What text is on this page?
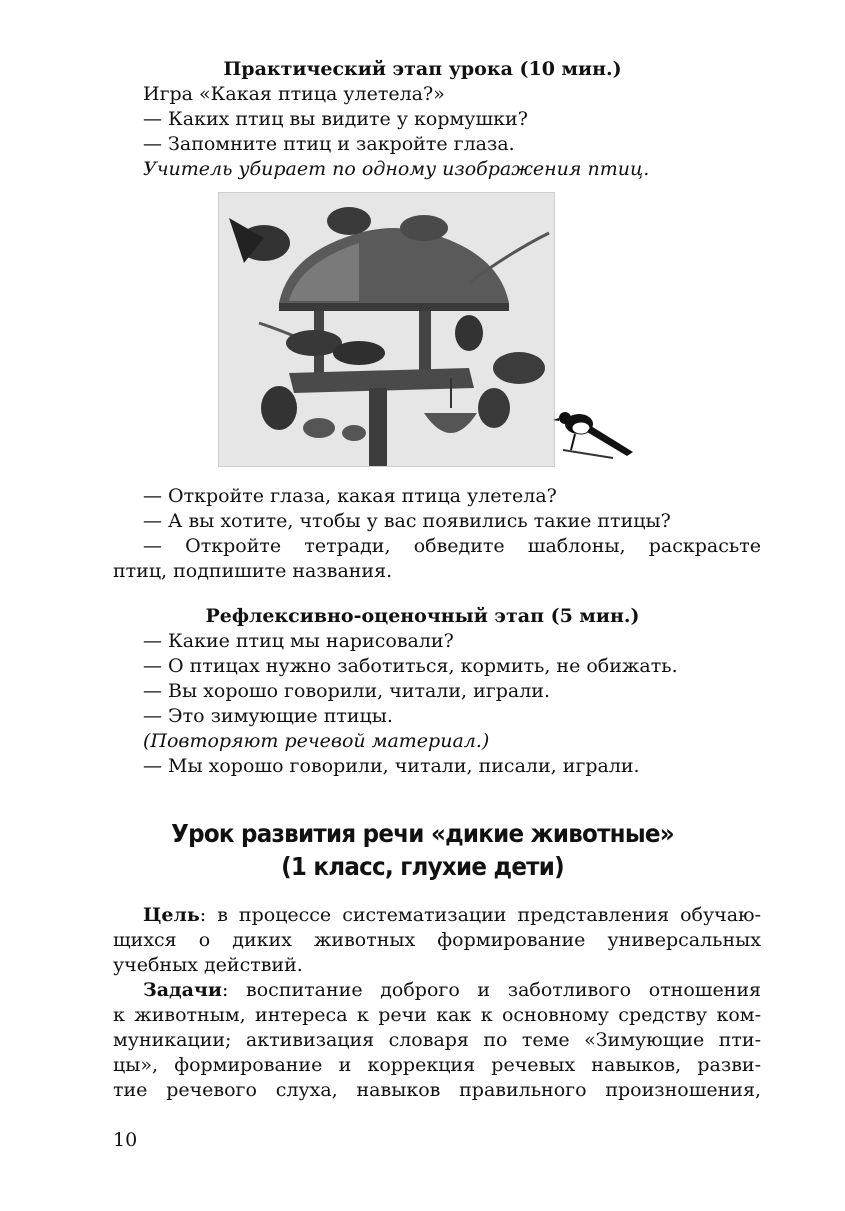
Практический этап урока (10 мин.)

Игра «Какая птица улетела?»

— Каких птиц вы видите у кормушки?

— Запомните птиц и закройте глаза.

Учитель убирает по одному изображения птиц.

— Откройте глаза, какая птица улетела?

— А вы хотите, чтобы у вас появились такие птицы?

— Откройте тетради, обведите шаблоны, раскрасьте

птиц, подпишите названия.

Рефлексивно-оценочный этап (5 мин.)

— Какие птиц мы нарисовали?

— О птицах нужно заботиться, кормить, не обижать.

— Вы хорошо говорили, читали, играли.

— Это зимующие птицы.

(Повторяют речевой материал.)

— Мы хорошо говорили, читали, писали, играли.

Урок развития речи «дикие животные»
(1 класс, глухие дети)

Цель: в процессе систематизации представления обучаю-

щихся о диких животных формирование универсальных

учебных действий.

Задачи: воспитание доброго и заботливого отношения

к животным, интереса к речи как к основному средству ком-

муникации; активизация словаря по теме «Зимующие пти-

цы», формирование и коррекция речевых навыков, разви-

тие речевого слуха, навыков правильного произношения,

10
